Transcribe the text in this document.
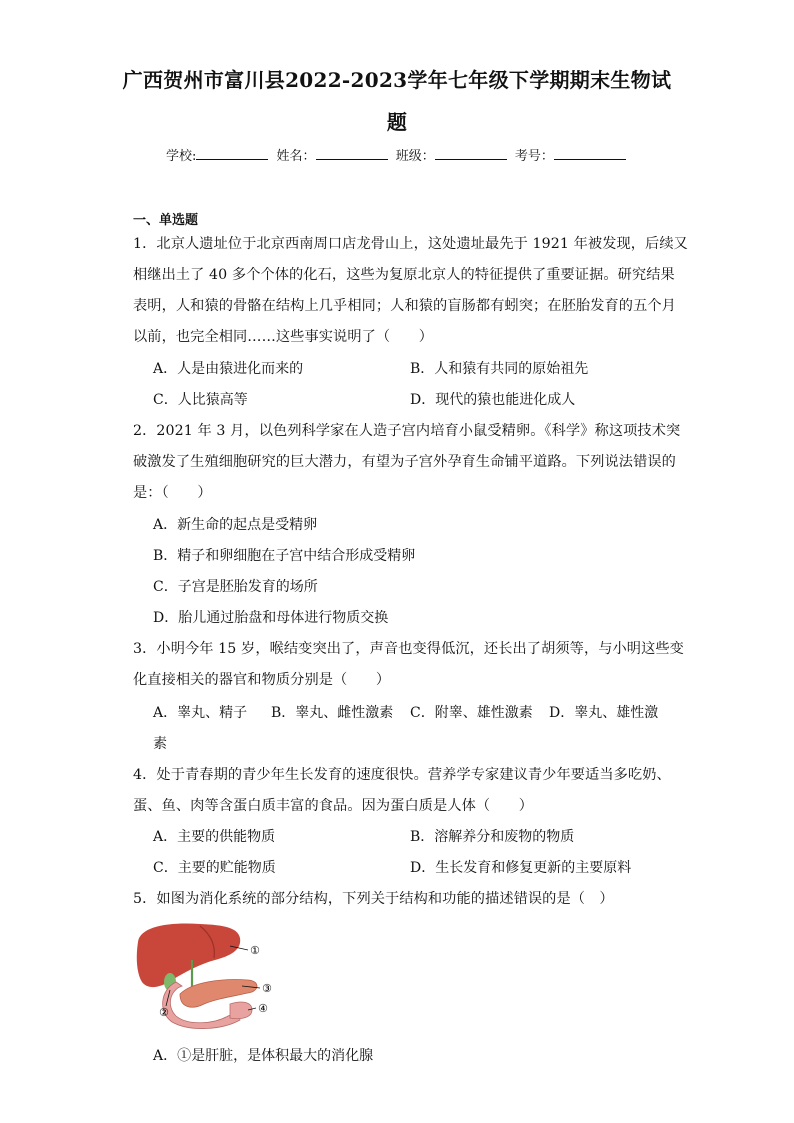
广西贺州市富川县2022-2023学年七年级下学期期末生物试
题
学校:	姓名：	班级：	考号：
一、单选题
1．北京人遗址位于北京西南周口店龙骨山上，这处遗址最先于 1921 年被发现，后续又
相继出土了 40 多个个体的化石，这些为复原北京人的特征提供了重要证据。研究结果
表明，人和猿的骨骼在结构上几乎相同；人和猿的盲肠都有蚓突；在胚胎发育的五个月
以前，也完全相同……这些事实说明了（　　）
A．人是由猿进化而来的	B．人和猿有共同的原始祖先
C．人比猿高等	D．现代的猿也能进化成人
2．2021 年 3 月，以色列科学家在人造子宫内培育小鼠受精卵。《科学》称这项技术突
破激发了生殖细胞研究的巨大潜力，有望为子宫外孕育生命铺平道路。下列说法错误的
是：（　　）
A．新生命的起点是受精卵
B．精子和卵细胞在子宫中结合形成受精卵
C．子宫是胚胎发育的场所
D．胎儿通过胎盘和母体进行物质交换
3．小明今年 15 岁，喉结变突出了，声音也变得低沉，还长出了胡须等，与小明这些变
化直接相关的器官和物质分别是（　　）
A．睾丸、精子 B．睾丸、雌性激素 C．附睾、雄性激素 D．睾丸、雄性激
素
4．处于青春期的青少年生长发育的速度很快。营养学专家建议青少年要适当多吃奶、
蛋、鱼、肉等含蛋白质丰富的食品。因为蛋白质是人体（　　）
A．主要的供能物质	B．溶解养分和废物的物质
C．主要的贮能物质	D．生长发育和修复更新的主要原料
5．如图为消化系统的部分结构，下列关于结构和功能的描述错误的是（　）
①
②
③
④
A．①是肝脏，是体积最大的消化腺
